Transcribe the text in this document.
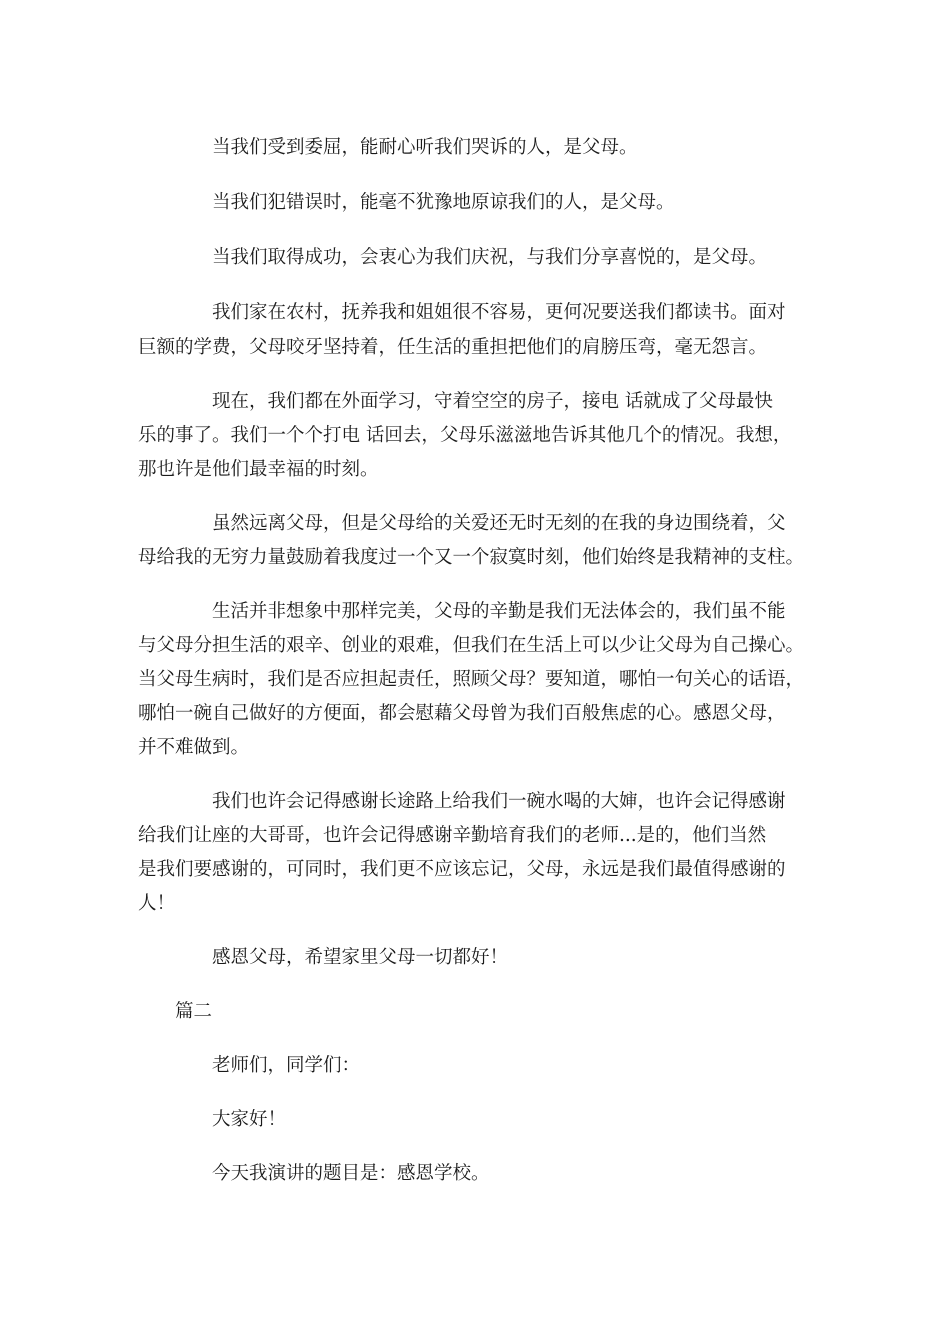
当我们受到委屈，能耐心听我们哭诉的人，是父母。
当我们犯错误时，能毫不犹豫地原谅我们的人，是父母。
当我们取得成功，会衷心为我们庆祝，与我们分享喜悦的，是父母。
我们家在农村，抚养我和姐姐很不容易，更何况要送我们都读书。面对
巨额的学费，父母咬牙坚持着，任生活的重担把他们的肩膀压弯，毫无怨言。
现在，我们都在外面学习，守着空空的房子，接电 话就成了父母最快
乐的事了。我们一个个打电 话回去，父母乐滋滋地告诉其他几个的情况。我想，
那也许是他们最幸福的时刻。
虽然远离父母，但是父母给的关爱还无时无刻的在我的身边围绕着，父
母给我的无穷力量鼓励着我度过一个又一个寂寞时刻，他们始终是我精神的支柱。
生活并非想象中那样完美，父母的辛勤是我们无法体会的，我们虽不能
与父母分担生活的艰辛、创业的艰难，但我们在生活上可以少让父母为自己操心。
当父母生病时，我们是否应担起责任，照顾父母？要知道，哪怕一句关心的话语，
哪怕一碗自己做好的方便面，都会慰藉父母曾为我们百般焦虑的心。感恩父母，
并不难做到。
我们也许会记得感谢长途路上给我们一碗水喝的大婶，也许会记得感谢
给我们让座的大哥哥，也许会记得感谢辛勤培育我们的老师...是的，他们当然
是我们要感谢的，可同时，我们更不应该忘记，父母，永远是我们最值得感谢的
人！
感恩父母，希望家里父母一切都好！
篇二
老师们，同学们：
大家好！
今天我演讲的题目是：感恩学校。
